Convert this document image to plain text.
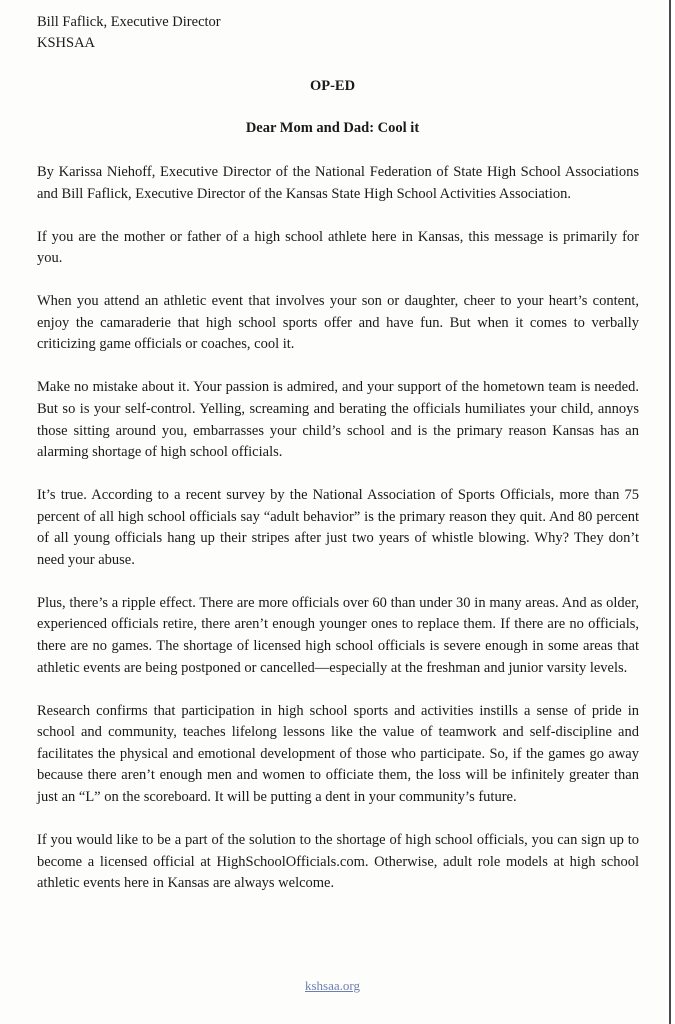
Bill Faflick, Executive Director
KSHSAA
OP-ED
Dear Mom and Dad: Cool it

By Karissa Niehoff, Executive Director of the National Federation of State High School Associations and Bill Faflick, Executive Director of the Kansas State High School Activities Association.

If you are the mother or father of a high school athlete here in Kansas, this message is primarily for you.

When you attend an athletic event that involves your son or daughter, cheer to your heart’s content, enjoy the camaraderie that high school sports offer and have fun. But when it comes to verbally criticizing game officials or coaches, cool it.

Make no mistake about it. Your passion is admired, and your support of the hometown team is needed. But so is your self-control. Yelling, screaming and berating the officials humiliates your child, annoys those sitting around you, embarrasses your child’s school and is the primary reason Kansas has an alarming shortage of high school officials.

It’s true. According to a recent survey by the National Association of Sports Officials, more than 75 percent of all high school officials say “adult behavior” is the primary reason they quit. And 80 percent of all young officials hang up their stripes after just two years of whistle blowing. Why? They don’t need your abuse.

Plus, there’s a ripple effect. There are more officials over 60 than under 30 in many areas. And as older, experienced officials retire, there aren’t enough younger ones to replace them. If there are no officials, there are no games. The shortage of licensed high school officials is severe enough in some areas that athletic events are being postponed or cancelled—especially at the freshman and junior varsity levels.

Research confirms that participation in high school sports and activities instills a sense of pride in school and community, teaches lifelong lessons like the value of teamwork and self-discipline and facilitates the physical and emotional development of those who participate. So, if the games go away because there aren’t enough men and women to officiate them, the loss will be infinitely greater than just an “L” on the scoreboard. It will be putting a dent in your community’s future.

If you would like to be a part of the solution to the shortage of high school officials, you can sign up to become a licensed official at HighSchoolOfficials.com. Otherwise, adult role models at high school athletic events here in Kansas are always welcome.

kshsaa.org
